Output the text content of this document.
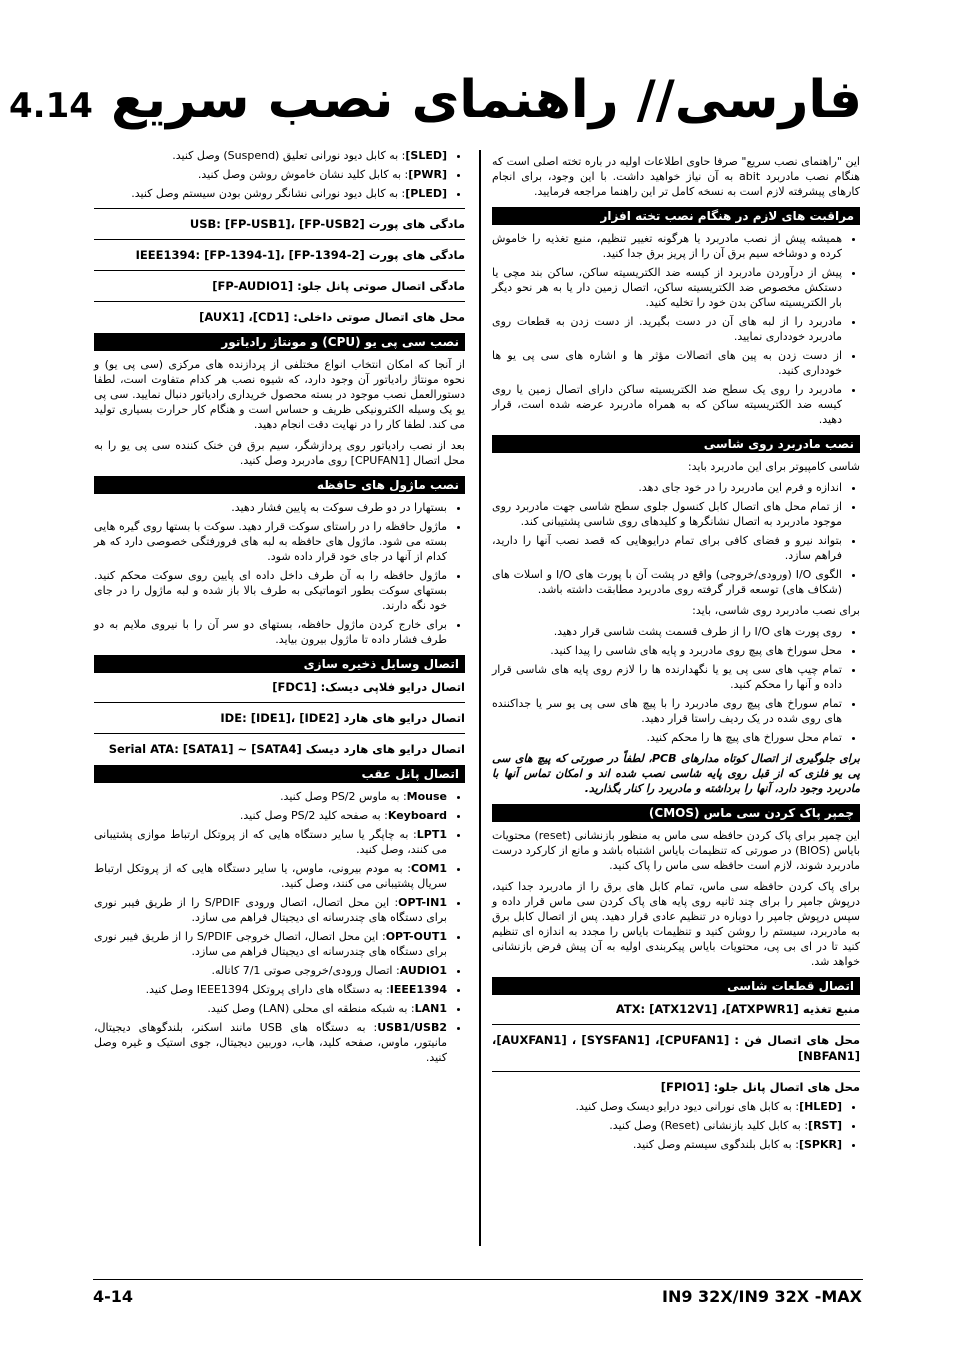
فارسی// راهنمای نصب سریع 4.14

این "راهنمای نصب سریع" صرفا حاوی اطلاعات اولیه در باره تخته اصلی است که هنگام نصب مادربرد abit به آن نیاز خواهید داشت. با این وجود، برای انجام کارهای پیشرفته لازم است به نسخه کامل تر این راهنما مراجعه فرمایید.

مراقبت های لازم در هنگام نصب تخته افزار
• همیشه پیش از نصب مادربرد یا هرگونه تغییر تنظیم، منبع تغذیه را خاموش کرده و دوشاخه سیم برق آن را از پریز برق جدا کنید.
• پیش از درآوردن مادربرد از کیسه ضد الکتریسیته ساکن، ساکن بند مچی یا دستکش مخصوص ضد الکتریسیته ساکن، اتصال زمین دار یا به هر نحو دیگر بار الکتریسیته ساکن بدن خود را تخلیه کنید.
• مادربرد را از لبه های آن در دست بگیرید. از دست زدن به قطعات روی مادربرد خودداری نمایید.
• از دست زدن به پین های اتصالات مؤثر ها و اشاره های سی پی یو ها خودداری کنید.
• مادربرد را روی یک سطح ضد الکتریسیته ساکن دارای اتصال زمین یا روی کیسه ضد الکتریسیته ساکن که به همراه مادربرد عرضه شده است، قرار دهید.
نصب مادربرد روی شاسی

شاسی کامپیوتر برای این مادربرد باید:

• اندازه و فرم این مادربرد را در خود جای دهد.
• از تمام محل های اتصال کابل کنسول جلوی سطح شاسی جهت مادربرد روی موجود مادربرد به اتصال نشانگرها و کلیدهای روی شاسی پشتیبانی کند.
• بتواند نیرو و فضای کافی برای تمام درایوهایی که قصد نصب آنها را دارید، فراهم سازد.
• الگوی I/O (ورودی/خروجی) واقع در پشت آن با پورت های I/O و اسلات های (شکاف های) توسعه قرار گرفته روی مادربرد مطابقت داشته باشد.

برای نصب مادربرد روی شاسی، باید:

• روی پورت های I/O را از طرف قسمت پشت شاسی قرار دهید.
• محل سوراخ های پیچ روی مادربرد و پایه های شاسی را پیدا کنید.
• تمام چیپ های سی پی یو یا نگهدارنده ها را لازم روی پایه های شاسی قرار داده و آنها را محکم کنید.
• تمام سوراخ های پیچ روی مادربرد را با پیچ های سی پی یو سر یا جداکننده های روی شده در یک ردیف راستا قرار دهید.
• تمام محل سوراخ های پیچ ها را محکم کنید.

برای جلوگیری از اتصال کوتاه مدارهای PCB، لطفاً در صورتی که پیچ های سی پی یو فلزی که از قبل روی پایه شاسی نصب شده اند و امکان تماس آنها با مادربرد وجود دارد، آنها را برداشته و مادربرد را کنار بگذارید.

چمپر پاک کردن سی ماس (CMOS)

این چمپر برای پاک کردن حافظه سی ماس به منظور بازنشانی (reset) محتویات بایاس (BIOS) در صورتی که تنظیمات بایاس اشتباه باشد و مانع از کارکرد درست مادربرد شوند، لازم است حافظه سی ماس را پاک کنید.

برای پاک کردن حافظه سی ماس، تمام کابل های برق را از مادربرد جدا کنید، درپوش جامپر را برای چند ثانیه روی پایه های پاک کردن سی ماس قرار داده و سپس درپوش جامپر را دوباره در تنظیم عادی قرار دهید. پس از اتصال کابل برق به مادربرد، سیستم را روشن کنید و تنظیمات بایاس را مجدد به اندازه ای تنظیم کنید تا در ای بی پی، محتویات بایاس پیکربندی اولیه به آن پیش فرض بازنشانی خواهد شد.

اتصال قطعات شاسی
منبع تغذیه ATX: [ATX12V1] ،[ATXPWR1]
محل های اتصال فن : [CPUFAN1]، [SYSFAN1] ، [AUXFAN1]، [NBFAN1]
محل های اتصال پانل جلو: [FPIO1]
• [HLED]: به کابل های نورانی دیود درایو دیسک وصل کنید.
• [RST]: به کابل کلید بازنشانی (Reset) وصل کنید.
• [SPKR]: به کابل بلندگوی سیستم وصل کنید.
• [SLED]: به کابل دیود نورانی تعلیق (Suspend) وصل کنید.
• [PWR]: به کابل کلید نشان خاموش روشن وصل کنید.
• [PLED]: به کابل دیود نورانی نشانگر روشن بودن سیستم وصل کنید.
مادگی های پورت USB: [FP-USB1]، [FP-USB2]
مادگی های پورت IEEE1394: [FP-1394-1]، [FP-1394-2]
مادگی اتصال صوتی پانل جلو: [FP-AUDIO1]
محل های اتصال صوتی داخلی: [CD1]، [AUX1]
نصب سی پی یو (CPU) و مونتاژ رادیاتور

از آنجا که امکان انتخاب انواع مختلفی از پردازنده های مرکزی (سی پی یو) و نحوه مونتاژ رادیاتور آن وجود دارد، که شیوه نصب هر کدام متفاوت است، لطفا دستورالعمل نصب موجود در بسته محصول خریداری رادیاتور دنبال نمایید. سی پی یو یک وسیله الکترونیکی ظریف و حساس است و هنگام کار حرارت بسیاری تولید می کند. لطفا کار را در نهایت دقت انجام دهید.

بعد از نصب رادیاتور روی پردازشگر، سیم برق فن خنک کننده سی پی یو را به محل اتصال [CPUFAN1] روی مادربرد وصل کنید.

نصب ماژول های حافظه
• بستهارا در دو طرف سوکت به پایین فشار دهید.
• ماژول حافظه را در راستای سوکت قرار دهید. سوکت با بستها روی گیره هایی بسته می شود. ماژول های حافظه به لبه های فرورفتگی خصوصی دارد که هر کدام از آنها در جای خود قرار داده شود.
• ماژول حافظه را به آن طرف داخل داده ای پایین روی سوکت محکم کنید. بستهای سوکت بطور اتوماتیکی به طرف بالا باز شده و لبه ماژول را در جای خود نگه دارند.
• برای خارج کردن ماژول حافظه، بستهای دو سر آن را با نیروی ملایم به دو طرف فشار داده تا ماژول بیرون بیاید.
اتصال وسایل ذخیره سازی
اتصال درایو فلاپی دیسک: [FDC1]
اتصال درایو های هارد IDE: [IDE1]، [IDE2]
اتصال درایو های هارد دیسک Serial ATA: [SATA1] ~ [SATA4]
اتصال پانل عقب
• Mouse: به ماوس PS/2 وصل کنید.
• Keyboard: به صفحه کلید PS/2 وصل کنید.
• LPT1: به چاپگر یا سایر دستگاه هایی که از پروتکل ارتباط موازی پشتیبانی می کنند، وصل کنید.
• COM1: به مودم بیرونی، ماوس، یا سایر دستگاه هایی که از پروتکل ارتباط سریال پشتیبانی می کنند، وصل کنید.
• OPT-IN1: این محل اتصال، اتصال ورودی S/PDIF را از طریق فیبر نوری برای دستگاه های چندرسانه ای دیجیتال فراهم می سازد.
• OPT-OUT1: این محل اتصال، اتصال خروجی S/PDIF را از طریق فیبر نوری برای دستگاه های چندرسانه ای دیجیتال فراهم می سازد.
• AUDIO1: اتصال ورودی/خروجی صوتی 7/1 کاناله.
• IEEE1394: به دستگاه های دارای پروتکل IEEE1394 وصل کنید.
• LAN1: به شبکه منطقه ای محلی (LAN) وصل کنید.
• USB1/USB2: به دستگاه های USB مانند اسکنر، بلندگوهای دیجیتال، مانیتور، ماوس، صفحه کلید، هاب، دوربین دیجیتال، جوی استیک و غیره وصل کنید.
4-14	IN9 32X/IN9 32X -MAX
